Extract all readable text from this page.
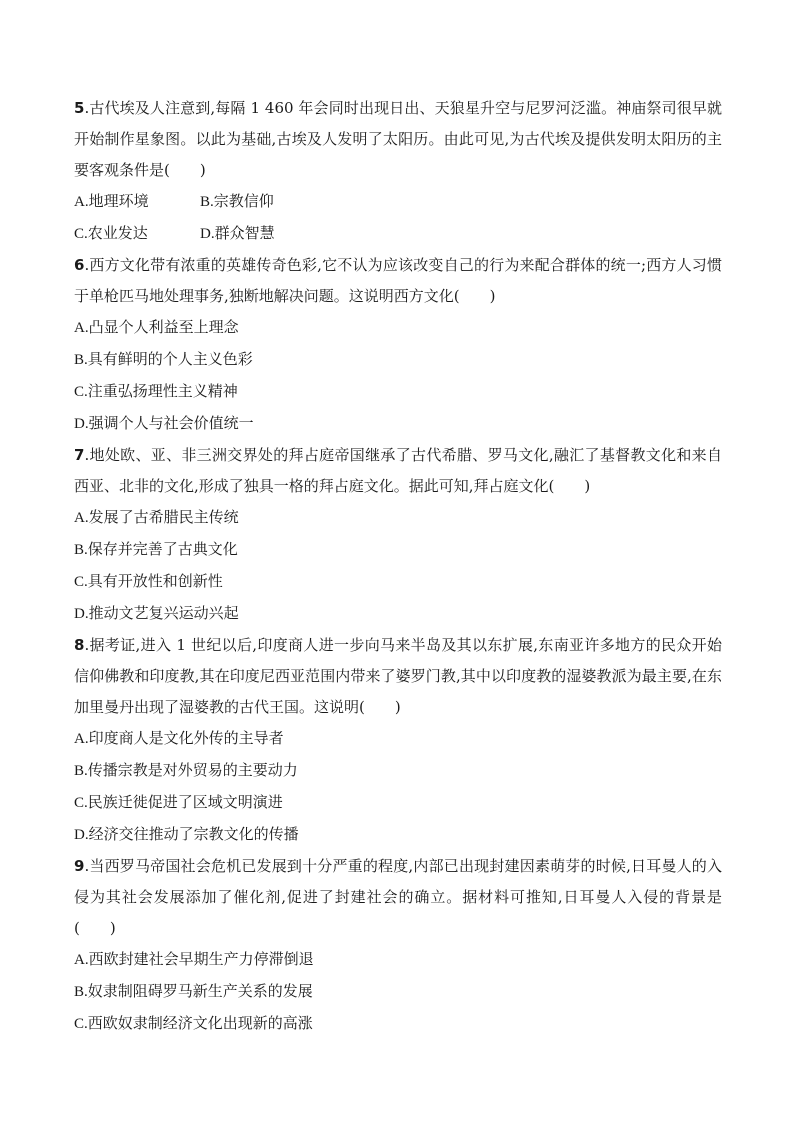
5.古代埃及人注意到,每隔 1 460 年会同时出现日出、天狼星升空与尼罗河泛滥。神庙祭司很早就开始制作星象图。以此为基础,古埃及人发明了太阳历。由此可见,为古代埃及提供发明太阳历的主要客观条件是(　　)

A.地理环境	B.宗教信仰
C.农业发达	D.群众智慧

6.西方文化带有浓重的英雄传奇色彩,它不认为应该改变自己的行为来配合群体的统一;西方人习惯于单枪匹马地处理事务,独断地解决问题。这说明西方文化(　　)

A.凸显个人利益至上理念
B.具有鲜明的个人主义色彩
C.注重弘扬理性主义精神
D.强调个人与社会价值统一

7.地处欧、亚、非三洲交界处的拜占庭帝国继承了古代希腊、罗马文化,融汇了基督教文化和来自西亚、北非的文化,形成了独具一格的拜占庭文化。据此可知,拜占庭文化(　　)

A.发展了古希腊民主传统
B.保存并完善了古典文化
C.具有开放性和创新性
D.推动文艺复兴运动兴起

8.据考证,进入 1 世纪以后,印度商人进一步向马来半岛及其以东扩展,东南亚许多地方的民众开始信仰佛教和印度教,其在印度尼西亚范围内带来了婆罗门教,其中以印度教的湿婆教派为最主要,在东加里曼丹出现了湿婆教的古代王国。这说明(　　)

A.印度商人是文化外传的主导者
B.传播宗教是对外贸易的主要动力
C.民族迁徙促进了区域文明演进
D.经济交往推动了宗教文化的传播

9.当西罗马帝国社会危机已发展到十分严重的程度,内部已出现封建因素萌芽的时候,日耳曼人的入侵为其社会发展添加了催化剂,促进了封建社会的确立。据材料可推知,日耳曼人入侵的背景是(　　)

A.西欧封建社会早期生产力停滞倒退
B.奴隶制阻碍罗马新生产关系的发展
C.西欧奴隶制经济文化出现新的高涨
